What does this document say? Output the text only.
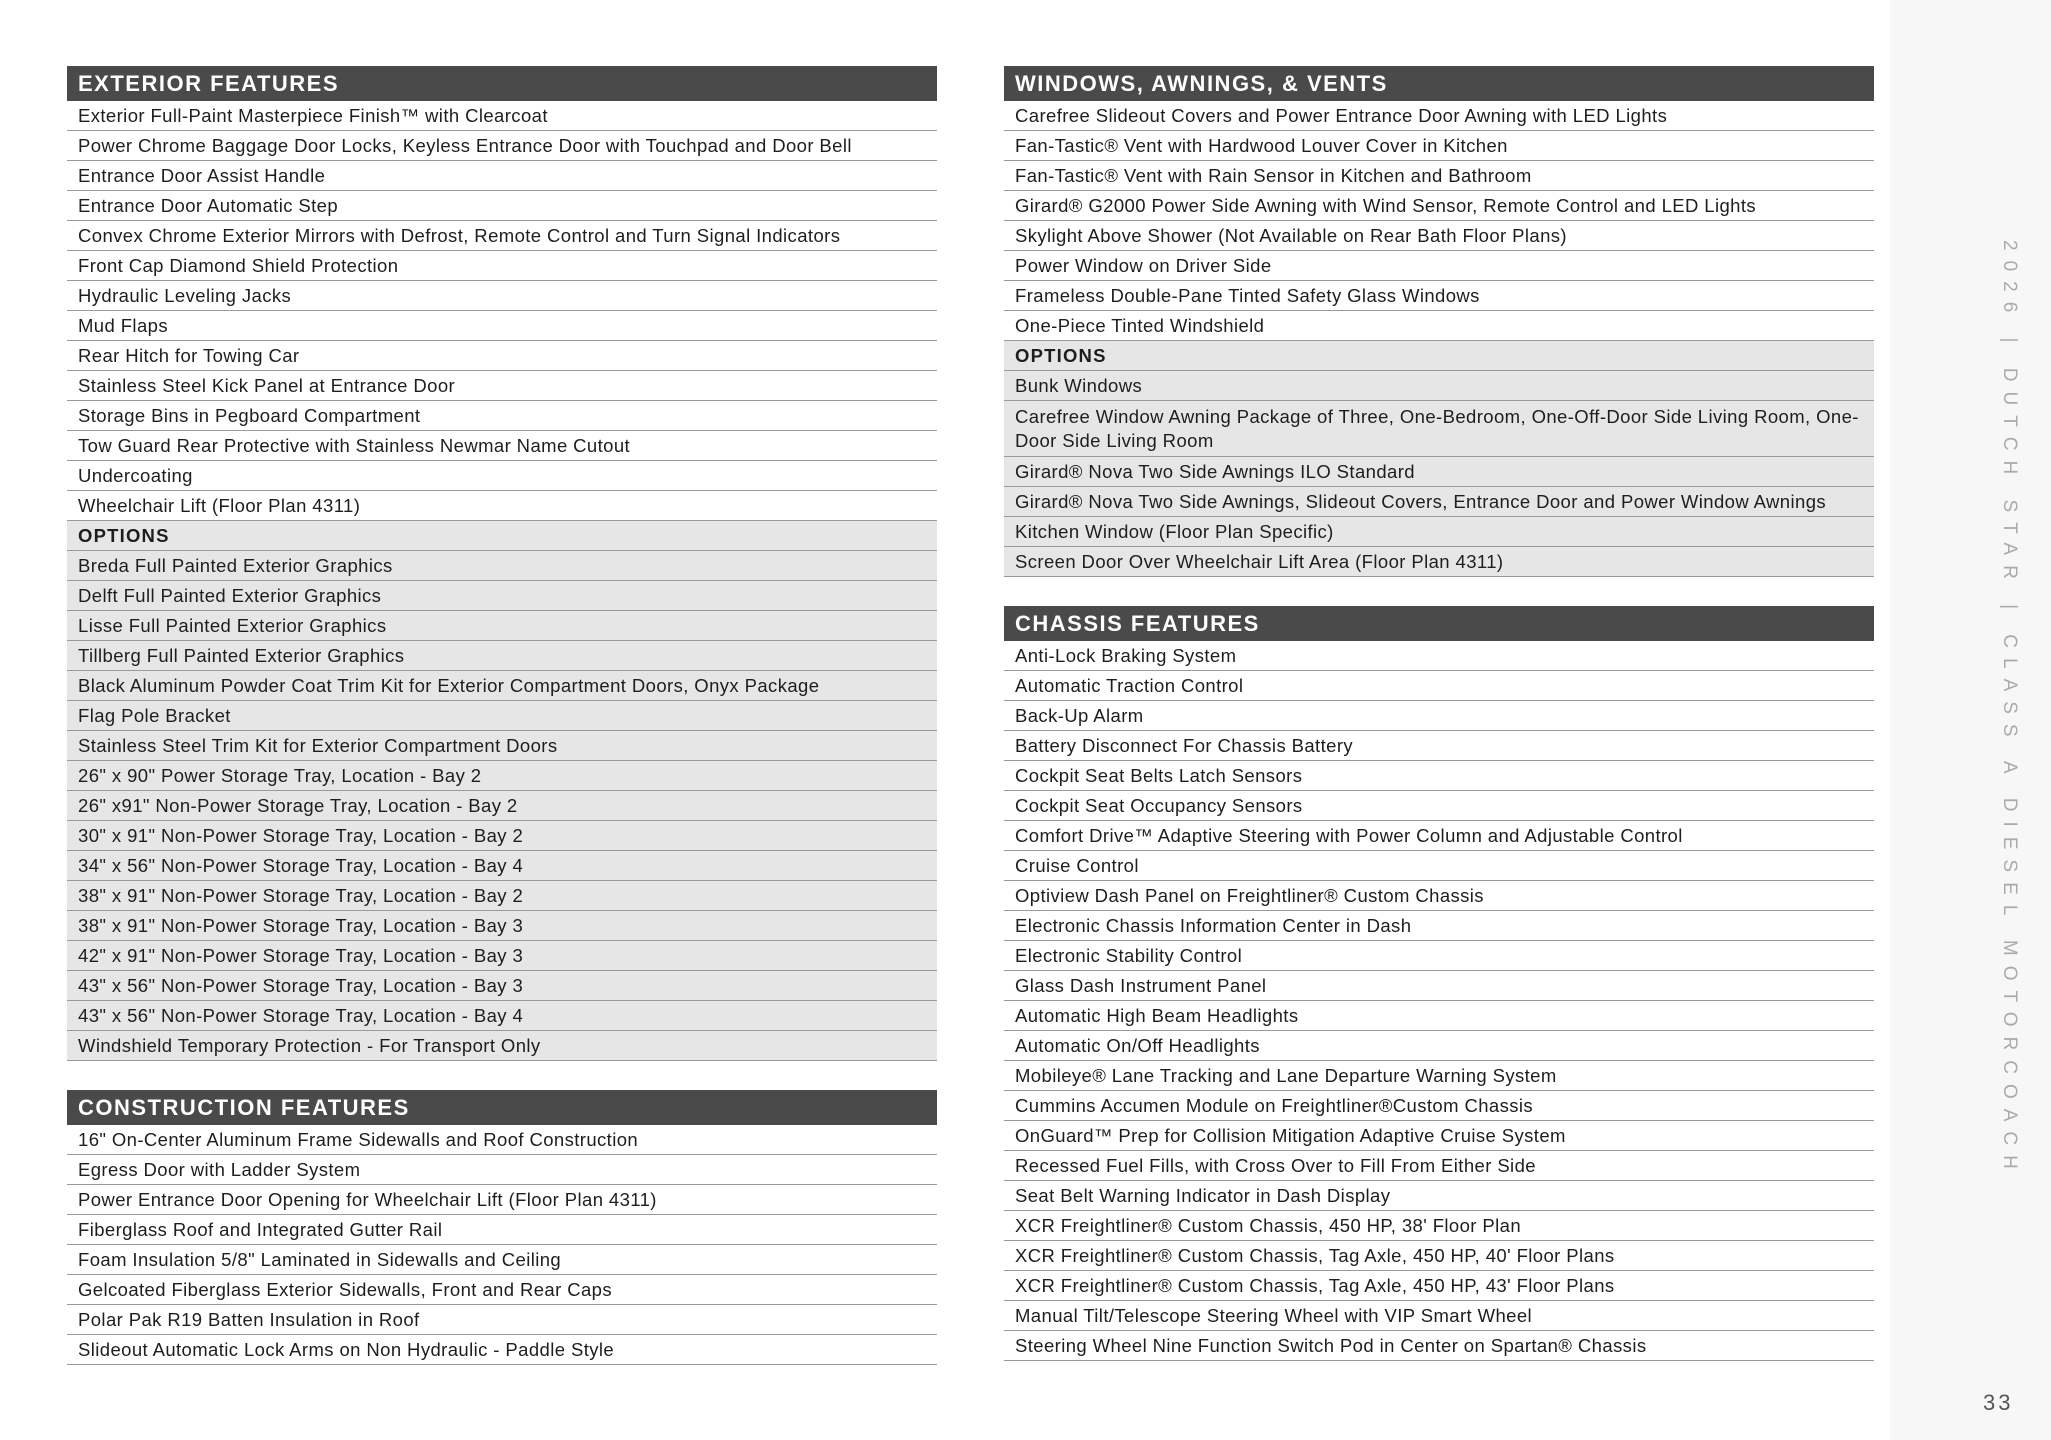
EXTERIOR FEATURES
Exterior Full-Paint Masterpiece Finish™ with Clearcoat
Power Chrome Baggage Door Locks, Keyless Entrance Door with Touchpad and Door Bell
Entrance Door Assist Handle
Entrance Door Automatic Step
Convex Chrome Exterior Mirrors with Defrost, Remote Control and Turn Signal Indicators
Front Cap Diamond Shield Protection
Hydraulic Leveling Jacks
Mud Flaps
Rear Hitch for Towing Car
Stainless Steel Kick Panel at Entrance Door
Storage Bins in Pegboard Compartment
Tow Guard Rear Protective with Stainless Newmar Name Cutout
Undercoating
Wheelchair Lift (Floor Plan 4311)
OPTIONS
Breda Full Painted Exterior Graphics
Delft Full Painted Exterior Graphics
Lisse Full Painted Exterior Graphics
Tillberg Full Painted Exterior Graphics
Black Aluminum Powder Coat Trim Kit for Exterior Compartment Doors, Onyx Package
Flag Pole Bracket
Stainless Steel Trim Kit for Exterior Compartment Doors
26" x 90" Power Storage Tray, Location - Bay 2
26" x91" Non-Power Storage Tray, Location - Bay 2
30" x 91" Non-Power Storage Tray, Location - Bay 2
34" x 56" Non-Power Storage Tray, Location - Bay 4
38" x 91" Non-Power Storage Tray, Location - Bay 2
38" x 91" Non-Power Storage Tray, Location - Bay 3
42" x 91" Non-Power Storage Tray, Location - Bay 3
43" x 56" Non-Power Storage Tray, Location - Bay 3
43" x 56" Non-Power Storage Tray, Location - Bay 4
Windshield Temporary Protection - For Transport Only
CONSTRUCTION FEATURES
16" On-Center Aluminum Frame Sidewalls and Roof Construction
Egress Door with Ladder System
Power Entrance Door Opening for Wheelchair Lift (Floor Plan 4311)
Fiberglass Roof and Integrated Gutter Rail
Foam Insulation 5/8" Laminated in Sidewalls and Ceiling
Gelcoated Fiberglass Exterior Sidewalls, Front and Rear Caps
Polar Pak R19 Batten Insulation in Roof
Slideout Automatic Lock Arms on Non Hydraulic - Paddle Style
WINDOWS, AWNINGS, & VENTS
Carefree Slideout Covers and Power Entrance Door Awning with LED Lights
Fan-Tastic® Vent with Hardwood Louver Cover in Kitchen
Fan-Tastic® Vent with Rain Sensor in Kitchen and Bathroom
Girard® G2000 Power Side Awning with Wind Sensor, Remote Control and LED Lights
Skylight Above Shower (Not Available on Rear Bath Floor Plans)
Power Window on Driver Side
Frameless Double-Pane Tinted Safety Glass Windows
One-Piece Tinted Windshield
OPTIONS
Bunk Windows
Carefree Window Awning Package of Three, One-Bedroom, One-Off-Door Side Living Room, One-Door Side Living Room
Girard® Nova Two Side Awnings ILO Standard
Girard® Nova Two Side Awnings, Slideout Covers, Entrance Door and Power Window Awnings
Kitchen Window (Floor Plan Specific)
Screen Door Over Wheelchair Lift Area (Floor Plan 4311)
CHASSIS FEATURES
Anti-Lock Braking System
Automatic Traction Control
Back-Up Alarm
Battery Disconnect For Chassis Battery
Cockpit Seat Belts Latch Sensors
Cockpit Seat Occupancy Sensors
Comfort Drive™ Adaptive Steering with Power Column and Adjustable Control
Cruise Control
Optiview Dash Panel on Freightliner® Custom Chassis
Electronic Chassis Information Center in Dash
Electronic Stability Control
Glass Dash Instrument Panel
Automatic High Beam Headlights
Automatic On/Off Headlights
Mobileye® Lane Tracking and Lane Departure Warning System
Cummins Accumen Module on Freightliner®Custom Chassis
OnGuard™ Prep for Collision Mitigation Adaptive Cruise System
Recessed Fuel Fills, with Cross Over to Fill From Either Side
Seat Belt Warning Indicator in Dash Display
XCR Freightliner® Custom Chassis, 450 HP, 38' Floor Plan
XCR Freightliner® Custom Chassis, Tag Axle, 450 HP, 40' Floor Plans
XCR Freightliner® Custom Chassis, Tag Axle, 450 HP, 43' Floor Plans
Manual Tilt/Telescope Steering Wheel with VIP Smart Wheel
Steering Wheel Nine Function Switch Pod in Center on Spartan® Chassis
2026 | DUTCH STAR | CLASS A DIESEL MOTORCOACH
33
